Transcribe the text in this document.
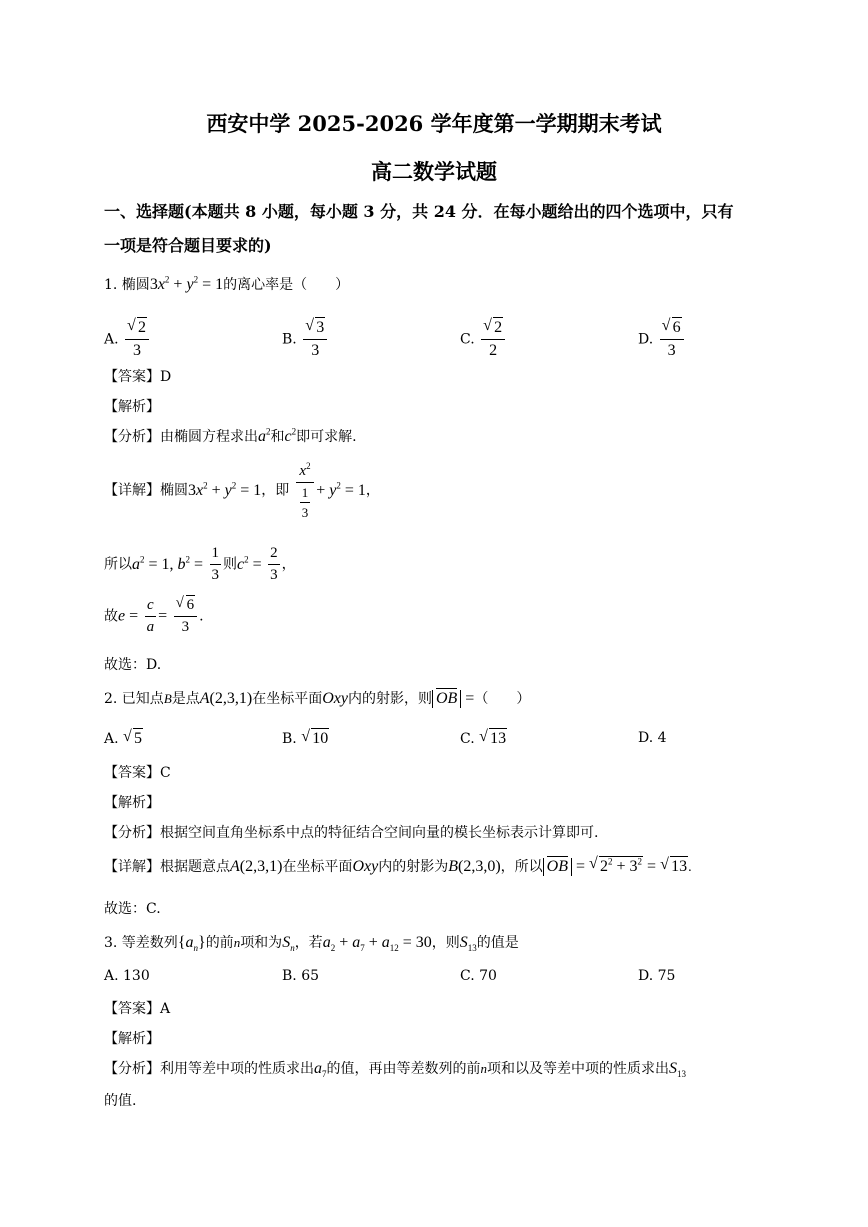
西安中学 2025-2026 学年度第一学期期末考试
高二数学试题
一、选择题(本题共 8 小题，每小题 3 分，共 24 分．在每小题给出的四个选项中，只有
一项是符合题目要求的)
1. 椭圆$3x^2 + y^2 = 1$的离心率是（　　）
A. $\frac{√ 2}{3}$	B. $\frac{√ 3}{3}$	C. $\frac{√ 2}{2}$	D. $\frac{√ 6}{3}$
【答案】D
【解析】
【分析】由椭圆方程求出$a^2$和$c^2$即可求解.
【详解】椭圆$3x^2 + y^2 = 1$，即 $\frac{x^2}{\frac{1}{3}} + y^2 = 1$，
所以$a^2 = 1$, $b^2 = \frac{1}{3}$ 则$c^2 = \frac{2}{3}$ ，
故$e = \frac{c}{a} = \frac{√ 6}{3}$ .
故选：D.
2. 已知点B是点A(2,3,1)在坐标平面Oxy内的射影，则 OB =（　　）
A. √ 5	B. √ 10	C. √ 13	D. 4
【答案】C
【解析】
【分析】根据空间直角坐标系中点的特征结合空间向量的模长坐标表示计算即可.
【详解】根据题意点A(2,3,1)在坐标平面Oxy内的射影为B(2,3,0)，所以 OB = √ $2^2 + 3^2$ = √ 13.
故选：C.
3. 等差数列$\{a_n\}$的前n项和为$S_n$，若$a_2 + a_7 + a_{12} = 30$，则$S_{13}$的值是
A. 130	B. 65	C. 70	D. 75
【答案】A
【解析】
【分析】利用等差中项的性质求出$a_7$的值，再由等差数列的前n项和以及等差中项的性质求出$S_{13}$
的值.
